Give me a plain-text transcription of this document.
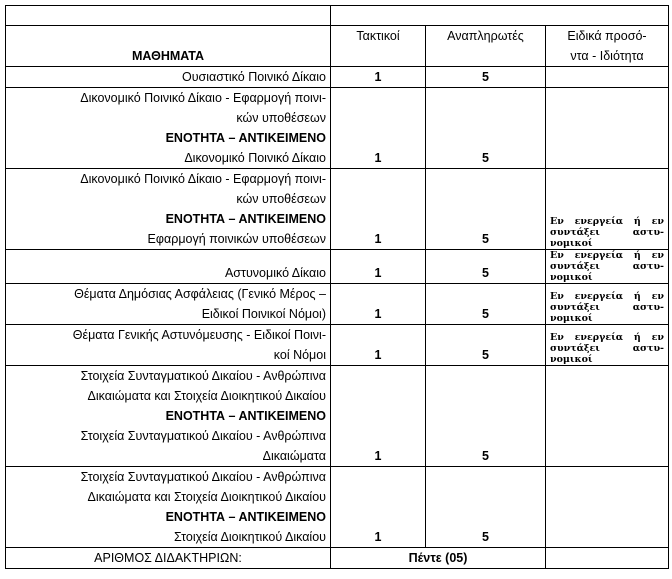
ΜΑΘΗΜΑΤΑ	Τακτικοί	Αναπληρωτές	Ειδικά προσό-
ντα - Ιδιότητα

Ουσιαστικό Ποινικό Δίκαιο	1	5	

Δικονομικό Ποινικό Δίκαιο - Εφαρμογή ποινι-
κών υποθέσεων
ΕΝΟΤΗΤΑ – ΑΝΤΙΚΕΙΜΕΝΟ
Δικονομικό Ποινικό Δίκαιο	1	5	

Δικονομικό Ποινικό Δίκαιο - Εφαρμογή ποινι-
κών υποθέσεων
ΕΝΟΤΗΤΑ – ΑΝΤΙΚΕΙΜΕΝΟ
Εφαρμογή ποινικών υποθέσεων	1	5	Εν ενεργεία ή εν συντάξει αστυνομικοί

Αστυνομικό Δίκαιο	1	5	Εν ενεργεία ή εν συντάξει αστυνομικοί

Θέματα Δημόσιας Ασφάλειας (Γενικό Μέρος –
Ειδικοί Ποινικοί Νόμοι)	1	5	Εν ενεργεία ή εν συντάξει αστυνομικοί

Θέματα Γενικής Αστυνόμευσης - Ειδικοί Ποινι-
κοί Νόμοι	1	5	Εν ενεργεία ή εν συντάξει αστυνομικοί

Στοιχεία Συνταγματικού Δικαίου - Ανθρώπινα
Δικαιώματα και Στοιχεία Διοικητικού Δικαίου
ΕΝΟΤΗΤΑ – ΑΝΤΙΚΕΙΜΕΝΟ
Στοιχεία Συνταγματικού Δικαίου - Ανθρώπινα
Δικαιώματα	1	5	

Στοιχεία Συνταγματικού Δικαίου - Ανθρώπινα
Δικαιώματα και Στοιχεία Διοικητικού Δικαίου
ΕΝΟΤΗΤΑ – ΑΝΤΙΚΕΙΜΕΝΟ
Στοιχεία Διοικητικού Δικαίου	1	5	

ΑΡΙΘΜΟΣ ΔΙΔΑΚΤΗΡΙΩΝ:	Πέντε (05)		
